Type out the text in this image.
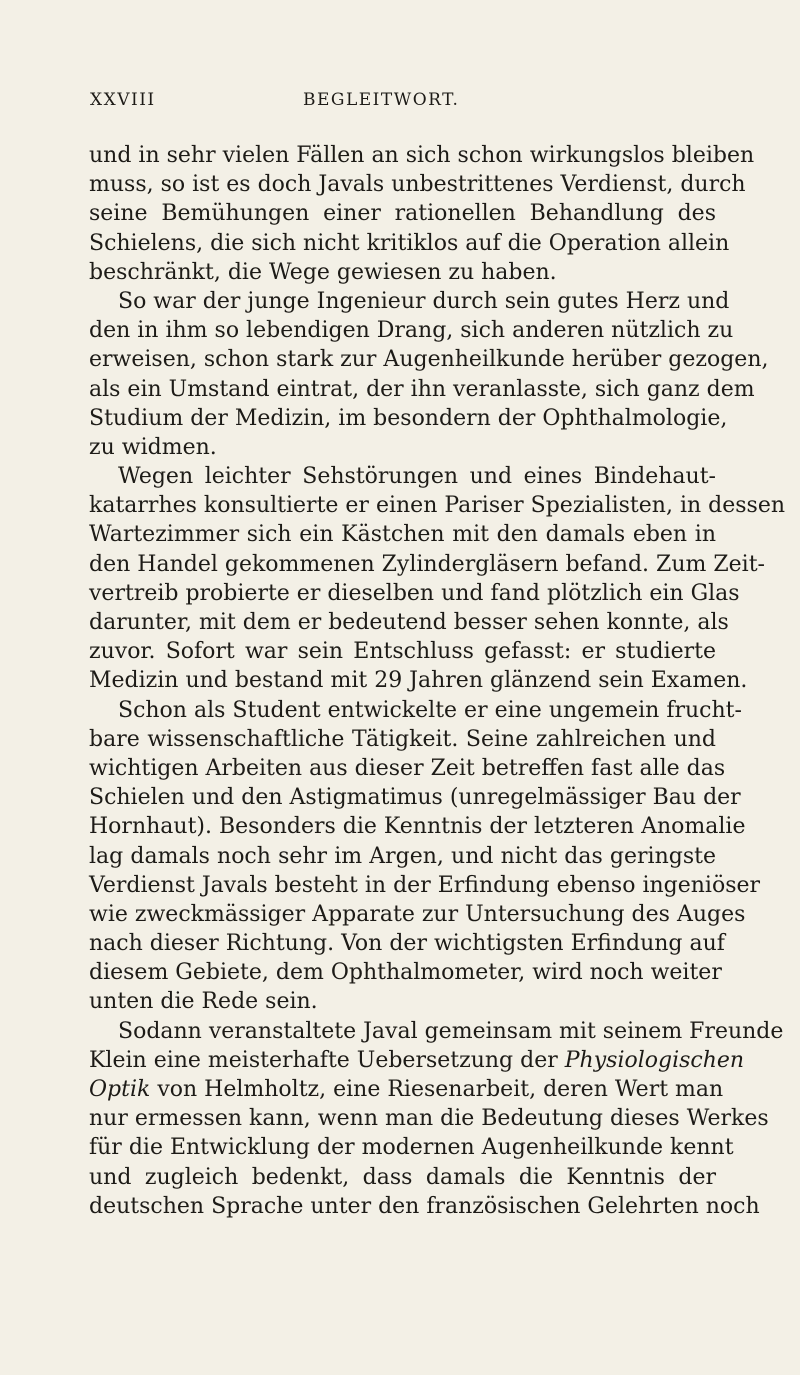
XXVIII	BEGLEITWORT.
und in sehr vielen Fällen an sich schon wirkungslos bleiben
muss, so ist es doch Javals unbestrittenes Verdienst, durch
seine Bemühungen einer rationellen Behandlung des
Schielens, die sich nicht kritiklos auf die Operation allein
beschränkt, die Wege gewiesen zu haben.
So war der junge Ingenieur durch sein gutes Herz und
den in ihm so lebendigen Drang, sich anderen nützlich zu
erweisen, schon stark zur Augenheilkunde herüber gezogen,
als ein Umstand eintrat, der ihn veranlasste, sich ganz dem
Studium der Medizin, im besondern der Ophthalmologie,
zu widmen.
Wegen leichter Sehstörungen und eines Bindehaut-
katarrhes konsultierte er einen Pariser Spezialisten, in dessen
Wartezimmer sich ein Kästchen mit den damals eben in
den Handel gekommenen Zylindergläsern befand. Zum Zeit-
vertreib probierte er dieselben und fand plötzlich ein Glas
darunter, mit dem er bedeutend besser sehen konnte, als
zuvor. Sofort war sein Entschluss gefasst: er studierte
Medizin und bestand mit 29 Jahren glänzend sein Examen.
Schon als Student entwickelte er eine ungemein frucht-
bare wissenschaftliche Tätigkeit. Seine zahlreichen und
wichtigen Arbeiten aus dieser Zeit betreffen fast alle das
Schielen und den Astigmatimus (unregelmässiger Bau der
Hornhaut). Besonders die Kenntnis der letzteren Anomalie
lag damals noch sehr im Argen, und nicht das geringste
Verdienst Javals besteht in der Erfindung ebenso ingeniöser
wie zweckmässiger Apparate zur Untersuchung des Auges
nach dieser Richtung. Von der wichtigsten Erfindung auf
diesem Gebiete, dem Ophthalmometer, wird noch weiter
unten die Rede sein.
Sodann veranstaltete Javal gemeinsam mit seinem Freunde
Klein eine meisterhafte Uebersetzung der Physiologischen
Optik von Helmholtz, eine Riesenarbeit, deren Wert man
nur ermessen kann, wenn man die Bedeutung dieses Werkes
für die Entwicklung der modernen Augenheilkunde kennt
und zugleich bedenkt, dass damals die Kenntnis der
deutschen Sprache unter den französischen Gelehrten noch
